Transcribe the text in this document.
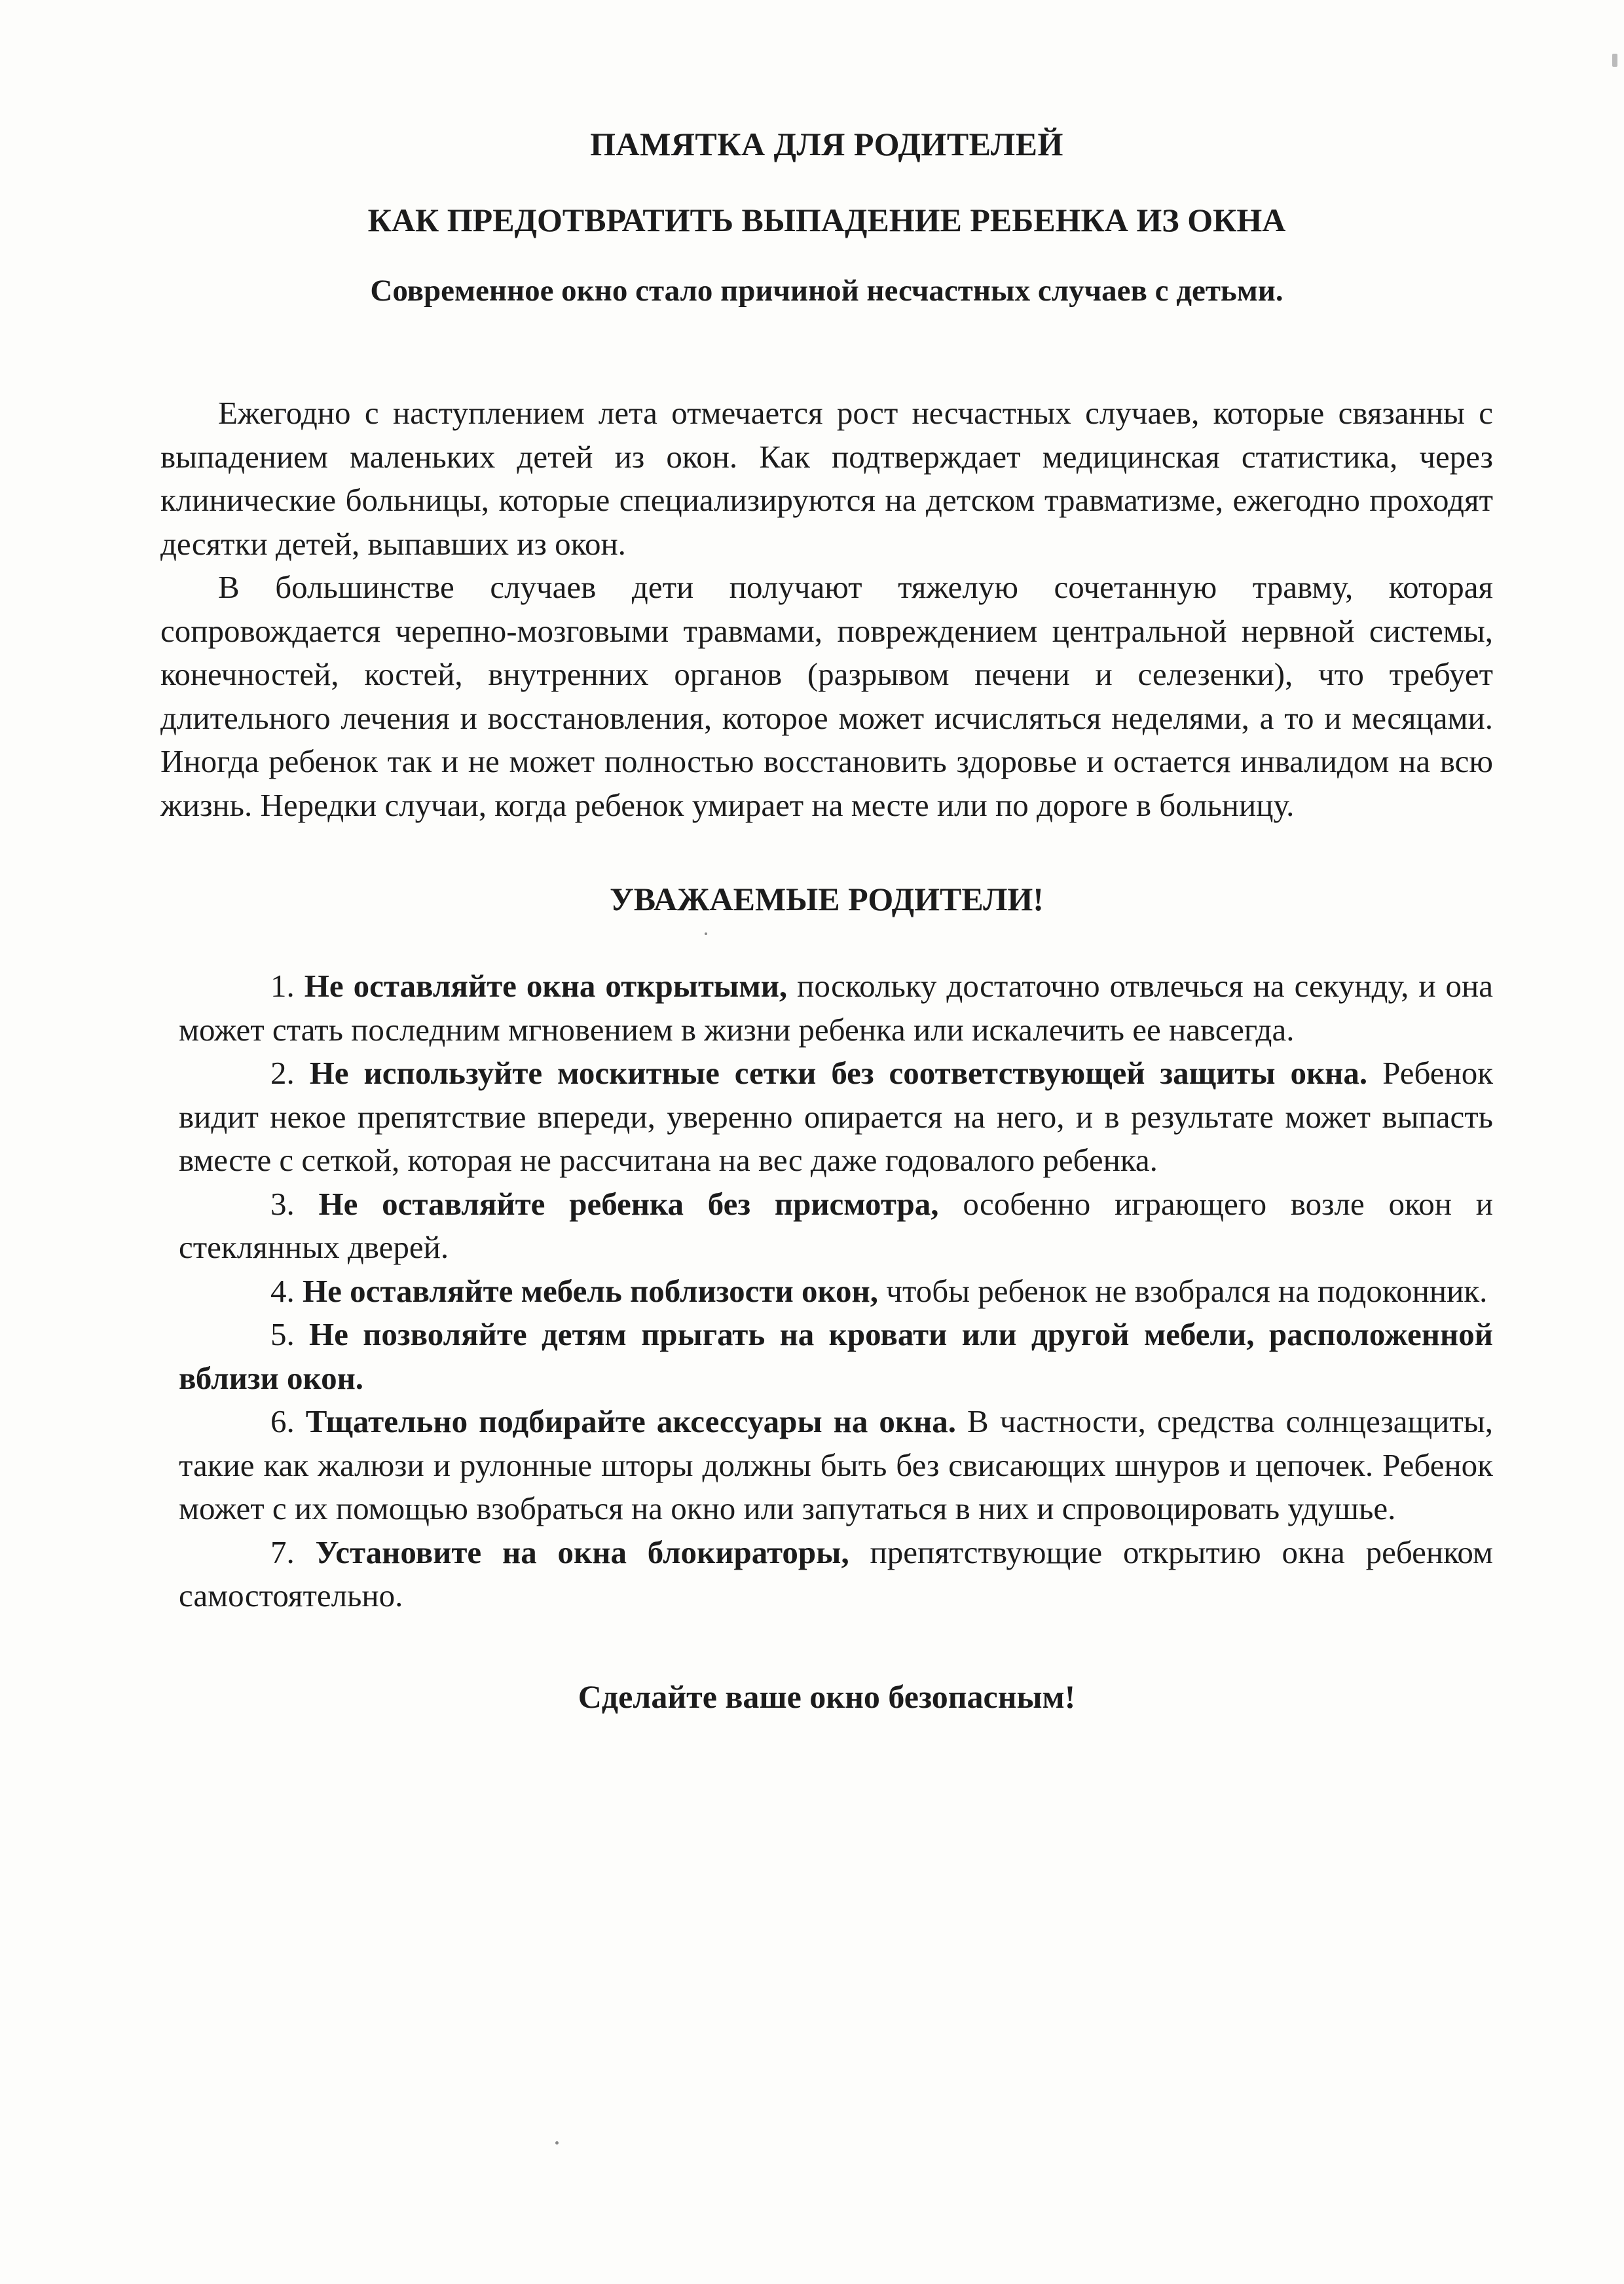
ПАМЯТКА ДЛЯ РОДИТЕЛЕЙ
КАК ПРЕДОТВРАТИТЬ ВЫПАДЕНИЕ РЕБЕНКА ИЗ ОКНА

Современное окно стало причиной несчастных случаев с детьми.

Ежегодно с наступлением лета отмечается рост несчастных случаев, которые связанны с выпадением маленьких детей из окон. Как подтверждает медицинская статистика, через клинические больницы, которые специализируются на детском травматизме, ежегодно проходят десятки детей, выпавших из окон.

В большинстве случаев дети получают тяжелую сочетанную травму, которая сопровождается черепно-мозговыми травмами, повреждением центральной нервной системы, конечностей, костей, внутренних органов (разрывом печени и селезенки), что требует длительного лечения и восстановления, которое может исчисляться неделями, а то и месяцами. Иногда ребенок так и не может полностью восстановить здоровье и остается инвалидом на всю жизнь. Нередки случаи, когда ребенок умирает на месте или по дороге в больницу.

УВАЖАЕМЫЕ РОДИТЕЛИ!

1. Не оставляйте окна открытыми, поскольку достаточно отвлечься на секунду, и она может стать последним мгновением в жизни ребенка или искалечить ее навсегда.

2. Не используйте москитные сетки без соответствующей защиты окна. Ребенок видит некое препятствие впереди, уверенно опирается на него, и в результате может выпасть вместе с сеткой, которая не рассчитана на вес даже годовалого ребенка.

3. Не оставляйте ребенка без присмотра, особенно играющего возле окон и стеклянных дверей.

4. Не оставляйте мебель поблизости окон, чтобы ребенок не взобрался на подоконник.

5. Не позволяйте детям прыгать на кровати или другой мебели, расположенной вблизи окон.

6. Тщательно подбирайте аксессуары на окна. В частности, средства солнцезащиты, такие как жалюзи и рулонные шторы должны быть без свисающих шнуров и цепочек. Ребенок может с их помощью взобраться на окно или запутаться в них и спровоцировать удушье.

7. Установите на окна блокираторы, препятствующие открытию окна ребенком самостоятельно.

Сделайте ваше окно безопасным!
